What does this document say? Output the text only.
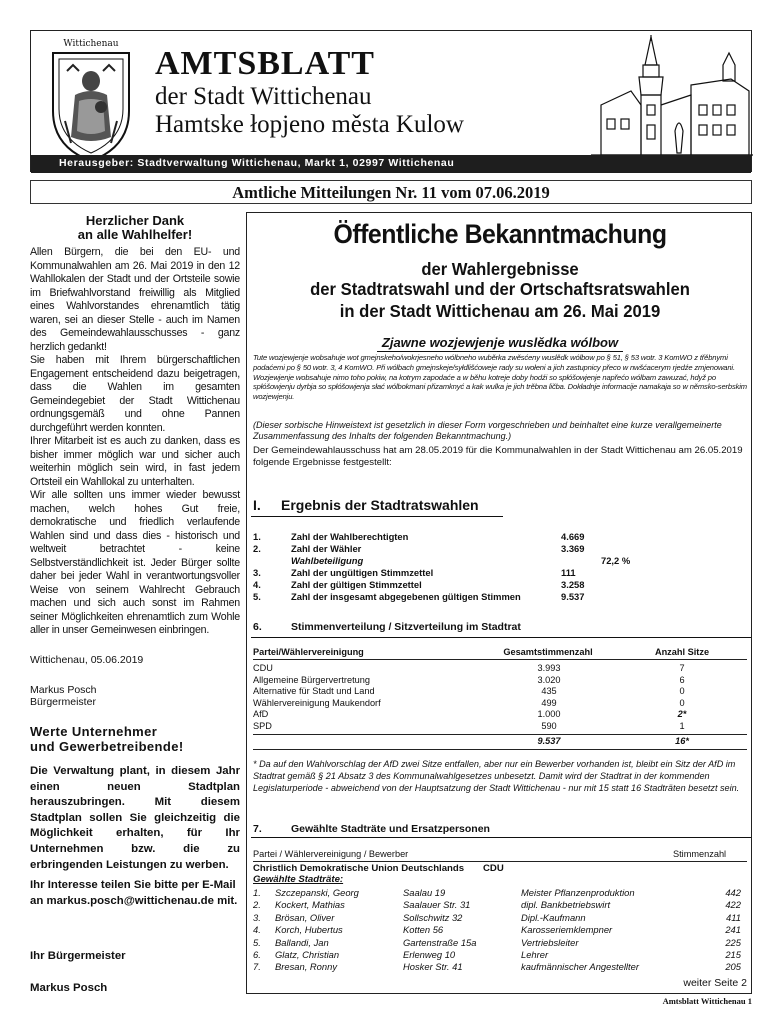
Wittichenau
AMTSBLATT
der Stadt Wittichenau
Hamtske łopjeno města Kulow
Herausgeber: Stadtverwaltung Wittichenau, Markt 1, 02997 Wittichenau
Amtliche Mitteilungen Nr. 11 vom 07.06.2019
Herzlicher Dank
an alle Wahlhelfer!
Allen Bürgern, die bei den EU- und Kommunalwahlen am 26. Mai 2019 in den 12 Wahllokalen der Stadt und der Ortsteile sowie im Briefwahlvorstand freiwillig als Mitglied eines Wahlvorstandes ehrenamtlich tätig waren, sei an dieser Stelle - auch im Namen des Gemeindewahlausschusses - ganz herzlich gedankt!
Sie haben mit Ihrem bürgerschaftlichen Engagement entscheidend dazu beigetragen, dass die Wahlen im gesamten Gemeindegebiet der Stadt Wittichenau ordnungsgemäß und ohne Pannen durchgeführt werden konnten.
Ihrer Mitarbeit ist es auch zu danken, dass es bisher immer möglich war und sicher auch weiterhin möglich sein wird, in fast jedem Ortsteil ein Wahllokal zu unterhalten.
Wir alle sollten uns immer wieder bewusst machen, welch hohes Gut freie, demokratische und friedlich verlaufende Wahlen sind und dass dies - historisch und weltweit betrachtet - keine Selbstverständlichkeit ist. Jeder Bürger sollte daher bei jeder Wahl in verantwortungsvoller Weise von seinem Wahlrecht Gebrauch machen und sich auch sonst im Rahmen seiner Möglichkeiten ehrenamtlich zum Wohle aller in unser Gemeinwesen einbringen.
Wittichenau, 05.06.2019
Markus Posch
Bürgermeister
Werte Unternehmer
und Gewerbetreibende!
Die Verwaltung plant, in diesem Jahr einen neuen Stadtplan herauszubringen. Mit diesem Stadtplan sollen Sie gleichzeitig die Möglichkeit erhalten, für Ihr Unternehmen bzw. die zu erbringenden Leistungen zu werben.
Ihr Interesse teilen Sie bitte per E-Mail an markus.posch@wittichenau.de mit.
Ihr Bürgermeister
Markus Posch
Öffentliche Bekanntmachung
der Wahlergebnisse
der Stadtratswahl und der Ortschaftsratswahlen
in der Stadt Wittichenau am 26. Mai 2019
Zjawne wozjewjenje wuslědka wólbow
Tute wozjewjenje wobsahuje wot gmejnskeho/wokrjesneho wólbneho wuběrka zwěsćeny wuslědk wólbow po § 51, § 53 wotr. 3 KomWO z třěbnymi podaćemi po § 50 wotr. 3, 4 KomWO. Při wólbach gmejnskeje/syłdlišćoweje rady su wołeni a jich zastupnicy přeco w nwšćacerym rjedźe zmjenowani. Wozjewjenje wobsahuje nimo toho pokiw, na kotrym zapodaće a w běhu kotreje doby hodźi so spłóšowjenje napřećo wólbam zawuzać, hdyž po spłóšowjenju dyrbja so spłóšowjenja słać wólbokmani přizamknyć a kak wulka je jich trěbna ličba. Dokładnje informacije namakaja so w němsko-serbskim wozjewjenju.
(Dieser sorbische Hinweistext ist gesetzlich in dieser Form vorgeschrieben und beinhaltet eine kurze verallgemeinerte Zusammenfassung des Inhalts der folgenden Bekanntmachung.)
Der Gemeindewahlausschuss hat am 28.05.2019 für die Kommunalwahlen in der Stadt Wittichenau am 26.05.2019 folgende Ergebnisse festgestellt:
I. Ergebnis der Stadtratswahlen
1.	Zahl der Wahlberechtigten	4.669
2.	Zahl der Wähler	3.369
Wahlbeteiligung	72,2 %
3.	Zahl der ungültigen Stimmzettel	111
4.	Zahl der gültigen Stimmzettel	3.258
5.	Zahl der insgesamt abgegebenen gültigen Stimmen	9.537
6.	Stimmenverteilung / Sitzverteilung im Stadtrat
Partei/Wählervereinigung	Gesamtstimmenzahl	Anzahl Sitze
CDU	3.993	7
Allgemeine Bürgervertretung	3.020	6
Alternative für Stadt und Land	435	0
Wählervereinigung Maukendorf	499	0
AfD	1.000	2*
SPD	590	1
9.537	16*
* Da auf den Wahlvorschlag der AfD zwei Sitze entfallen, aber nur ein Bewerber vorhanden ist, bleibt ein Sitz der AfD im Stadtrat gemäß § 21 Absatz 3 des Kommunalwahlgesetzes unbesetzt. Damit wird der Stadtrat in der kommenden Legislaturperiode - abweichend von der Hauptsatzung der Stadt Wittichenau - nur mit 15 statt 16 Stadträten besetzt sein.
7.	Gewählte Stadträte und Ersatzpersonen
Partei / Wählervereinigung / Bewerber	Stimmenzahl
Christlich Demokratische Union Deutschlands CDU
Gewählte Stadträte:
1. Szczepanski, Georg	Saalau 19	Meister Pflanzenproduktion	442
2. Kockert, Mathias	Saalauer Str. 31	dipl. Bankbetriebswirt	422
3. Brösan, Oliver	Sollschwitz 32	Dipl.-Kaufmann	411
4. Korch, Hubertus	Kotten 56	Karosseriemklempner	241
5. Ballandi, Jan	Gartenstraße 15a	Vertriebsleiter	225
6. Glatz, Christian	Erlenweg 10	Lehrer	215
7. Bresan, Ronny	Hosker Str. 41	kaufmännischer Angestellter	205
weiter Seite 2
Amtsblatt Wittichenau 1
